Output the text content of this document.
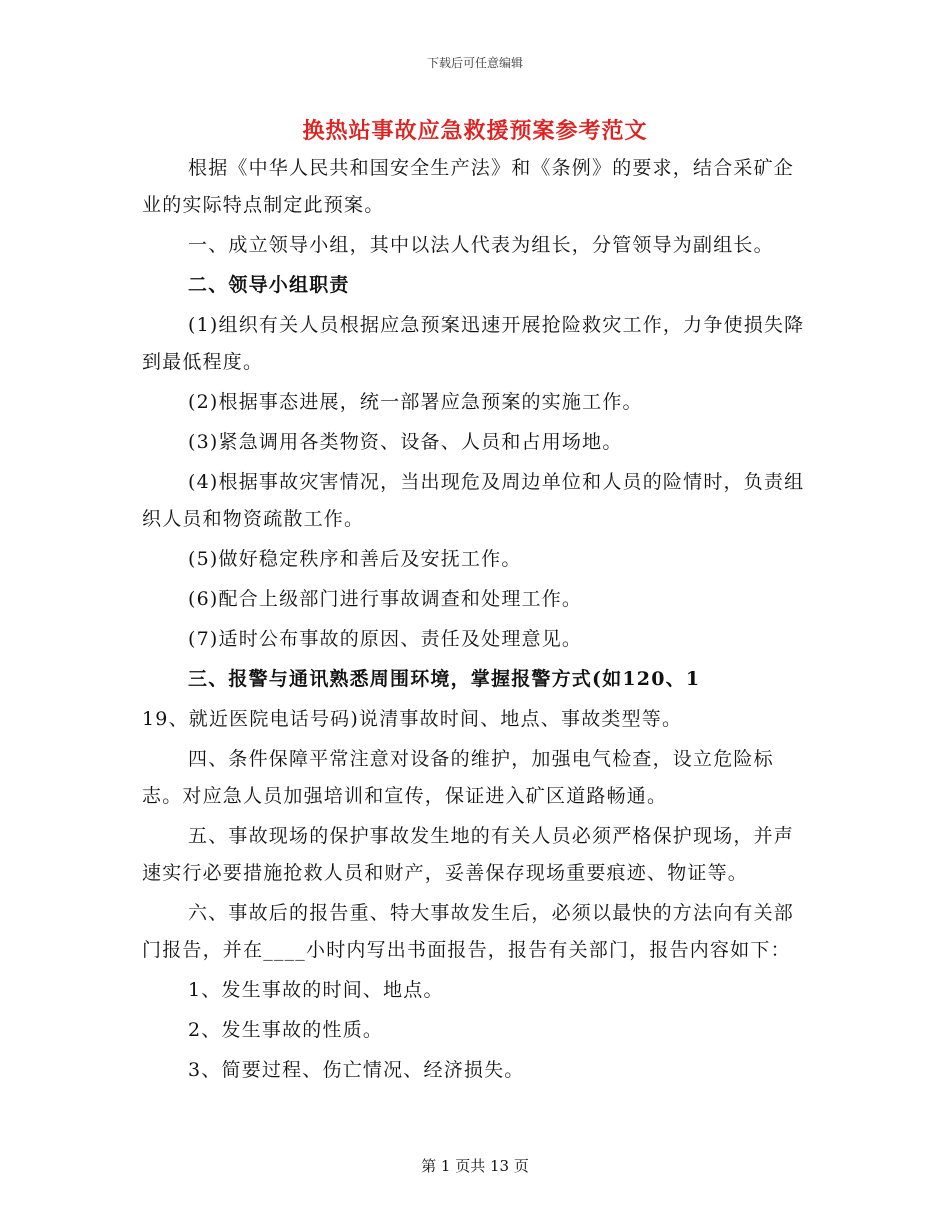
下载后可任意编辑
换热站事故应急救援预案参考范文

根据《中华人民共和国安全生产法》和《条例》的要求，结合采矿企业的实际特点制定此预案。

一、成立领导小组，其中以法人代表为组长，分管领导为副组长。

二、领导小组职责

(1)组织有关人员根据应急预案迅速开展抢险救灾工作，力争使损失降到最低程度。

(2)根据事态进展，统一部署应急预案的实施工作。

(3)紧急调用各类物资、设备、人员和占用场地。

(4)根据事故灾害情况，当出现危及周边单位和人员的险情时，负责组织人员和物资疏散工作。

(5)做好稳定秩序和善后及安抚工作。

(6)配合上级部门进行事故调查和处理工作。

(7)适时公布事故的原因、责任及处理意见。

三、报警与通讯熟悉周围环境，掌握报警方式(如120、1

19、就近医院电话号码)说清事故时间、地点、事故类型等。

四、条件保障平常注意对设备的维护，加强电气检查，设立危险标志。对应急人员加强培训和宣传，保证进入矿区道路畅通。

五、事故现场的保护事故发生地的有关人员必须严格保护现场，并声速实行必要措施抢救人员和财产，妥善保存现场重要痕迹、物证等。

六、事故后的报告重、特大事故发生后，必须以最快的方法向有关部门报告，并在____小时内写出书面报告，报告有关部门，报告内容如下：

1、发生事故的时间、地点。

2、发生事故的性质。

3、简要过程、伤亡情况、经济损失。

第 1 页共 13 页
